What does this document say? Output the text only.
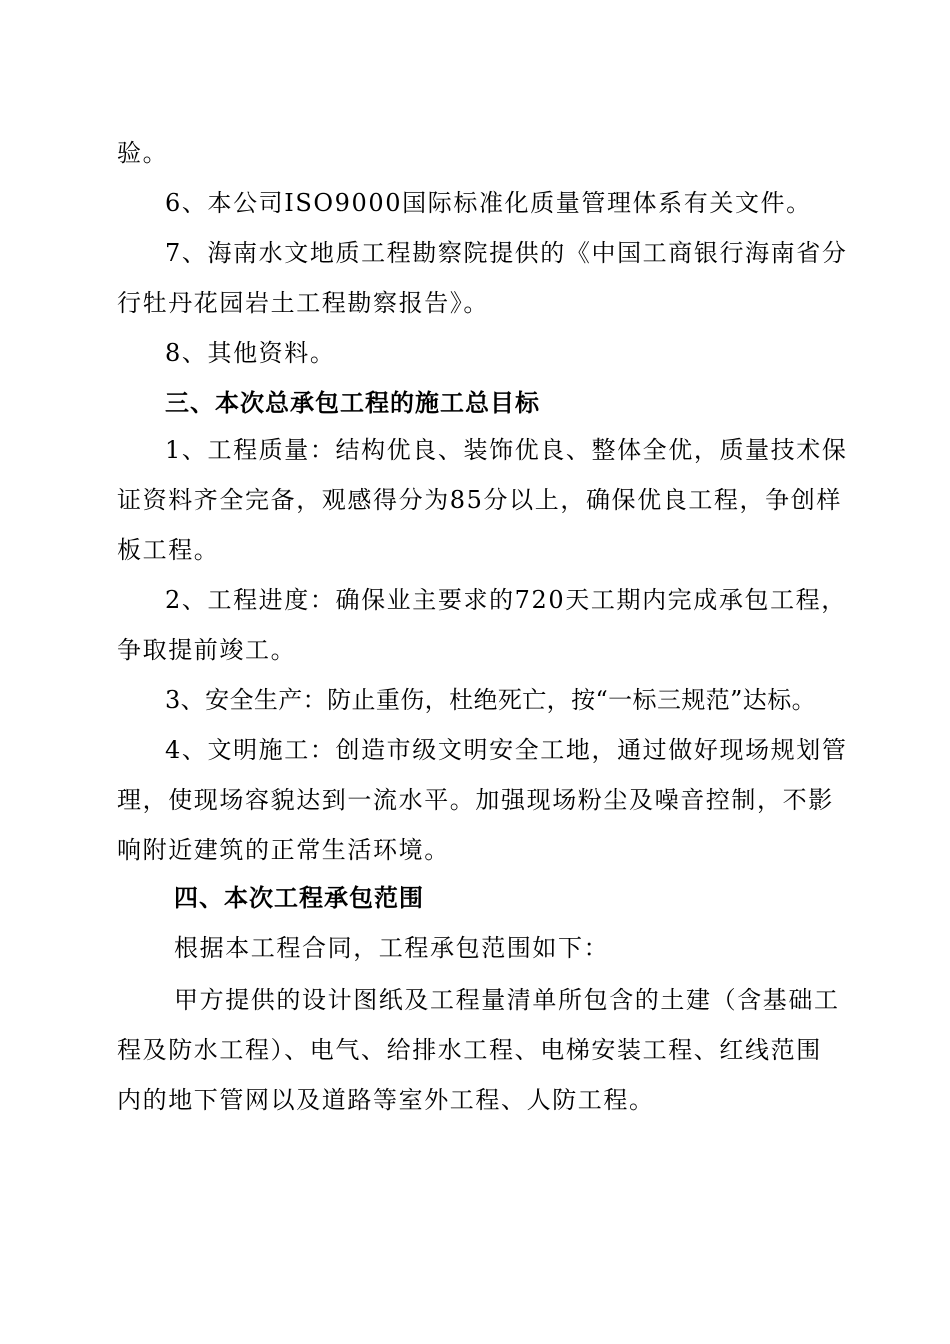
验。
6、本公司ISO9000国际标准化质量管理体系有关文件。
7、海南水文地质工程勘察院提供的《中国工商银行海南省分
行牡丹花园岩土工程勘察报告》。
8、其他资料。
三、本次总承包工程的施工总目标
1、工程质量：结构优良、装饰优良、整体全优，质量技术保
证资料齐全完备，观感得分为85分以上，确保优良工程，争创样
板工程。
2、工程进度：确保业主要求的720天工期内完成承包工程，
争取提前竣工。
3、安全生产：防止重伤，杜绝死亡，按“一标三规范”达标。
4、文明施工：创造市级文明安全工地，通过做好现场规划管
理，使现场容貌达到一流水平。加强现场粉尘及噪音控制，不影
响附近建筑的正常生活环境。
四、本次工程承包范围
根据本工程合同，工程承包范围如下：
甲方提供的设计图纸及工程量清单所包含的土建（含基础工
程及防水工程）、电气、给排水工程、电梯安装工程、红线范围
内的地下管网以及道路等室外工程、人防工程。
